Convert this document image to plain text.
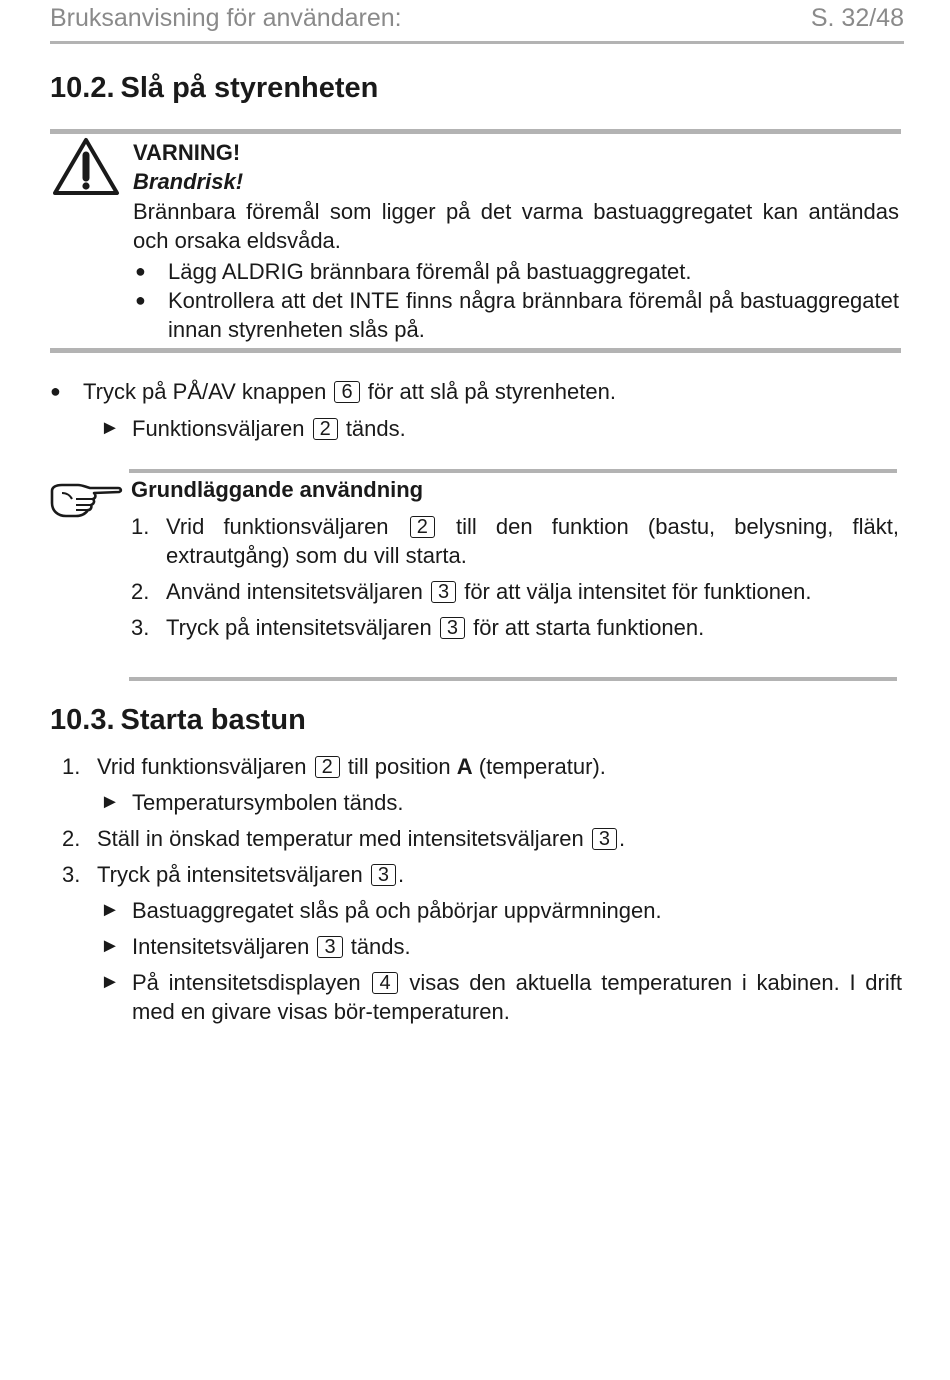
Bruksanvisning för användaren:	S. 32/48
10.2. Slå på styrenheten
VARNING!
Brandrisk!
Brännbara föremål som ligger på det varma bastuaggregatet kan antändas och orsaka eldsvåda.
● Lägg ALDRIG brännbara föremål på bastuaggregatet.
● Kontrollera att det INTE finns några brännbara föremål på bastuaggregatet innan styrenheten slås på.
● Tryck på PÅ/AV knappen 6 för att slå på styrenheten.
► Funktionsväljaren 2 tänds.
Grundläggande användning
1. Vrid funktionsväljaren 2 till den funktion (bastu, belysning, fläkt, extrautgång) som du vill starta.
2. Använd intensitetsväljaren 3 för att välja intensitet för funktionen.
3. Tryck på intensitetsväljaren 3 för att starta funktionen.
10.3. Starta bastun
1. Vrid funktionsväljaren 2 till position A (temperatur).
► Temperatursymbolen tänds.
2. Ställ in önskad temperatur med intensitetsväljaren 3 .
3. Tryck på intensitetsväljaren 3 .
► Bastuaggregatet slås på och påbörjar uppvärmningen.
► Intensitetsväljaren 3 tänds.
► På intensitetsdisplayen 4 visas den aktuella temperaturen i kabinen. I drift med en givare visas bör-temperaturen.
